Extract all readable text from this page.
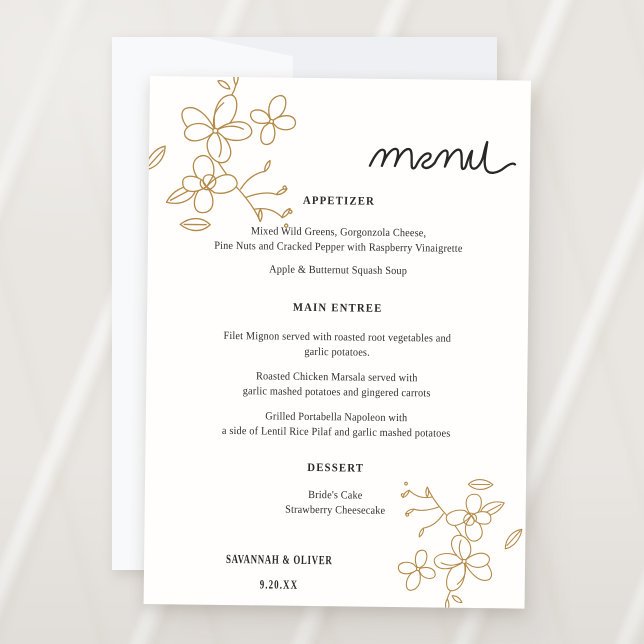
APPETIZER
Mixed Wild Greens, Gorgonzola Cheese,
Pine Nuts and Cracked Pepper with Raspberry Vinaigrette
Apple & Butternut Squash Soup
MAIN ENTREE
Filet Mignon served with roasted root vegetables and
garlic potatoes.
Roasted Chicken Marsala served with
garlic mashed potatoes and gingered carrots
Grilled Portabella Napoleon with
a side of Lentil Rice Pilaf and garlic mashed potatoes
DESSERT
Bride's Cake
Strawberry Cheesecake
SAVANNAH & OLIVER
9.20.XX
